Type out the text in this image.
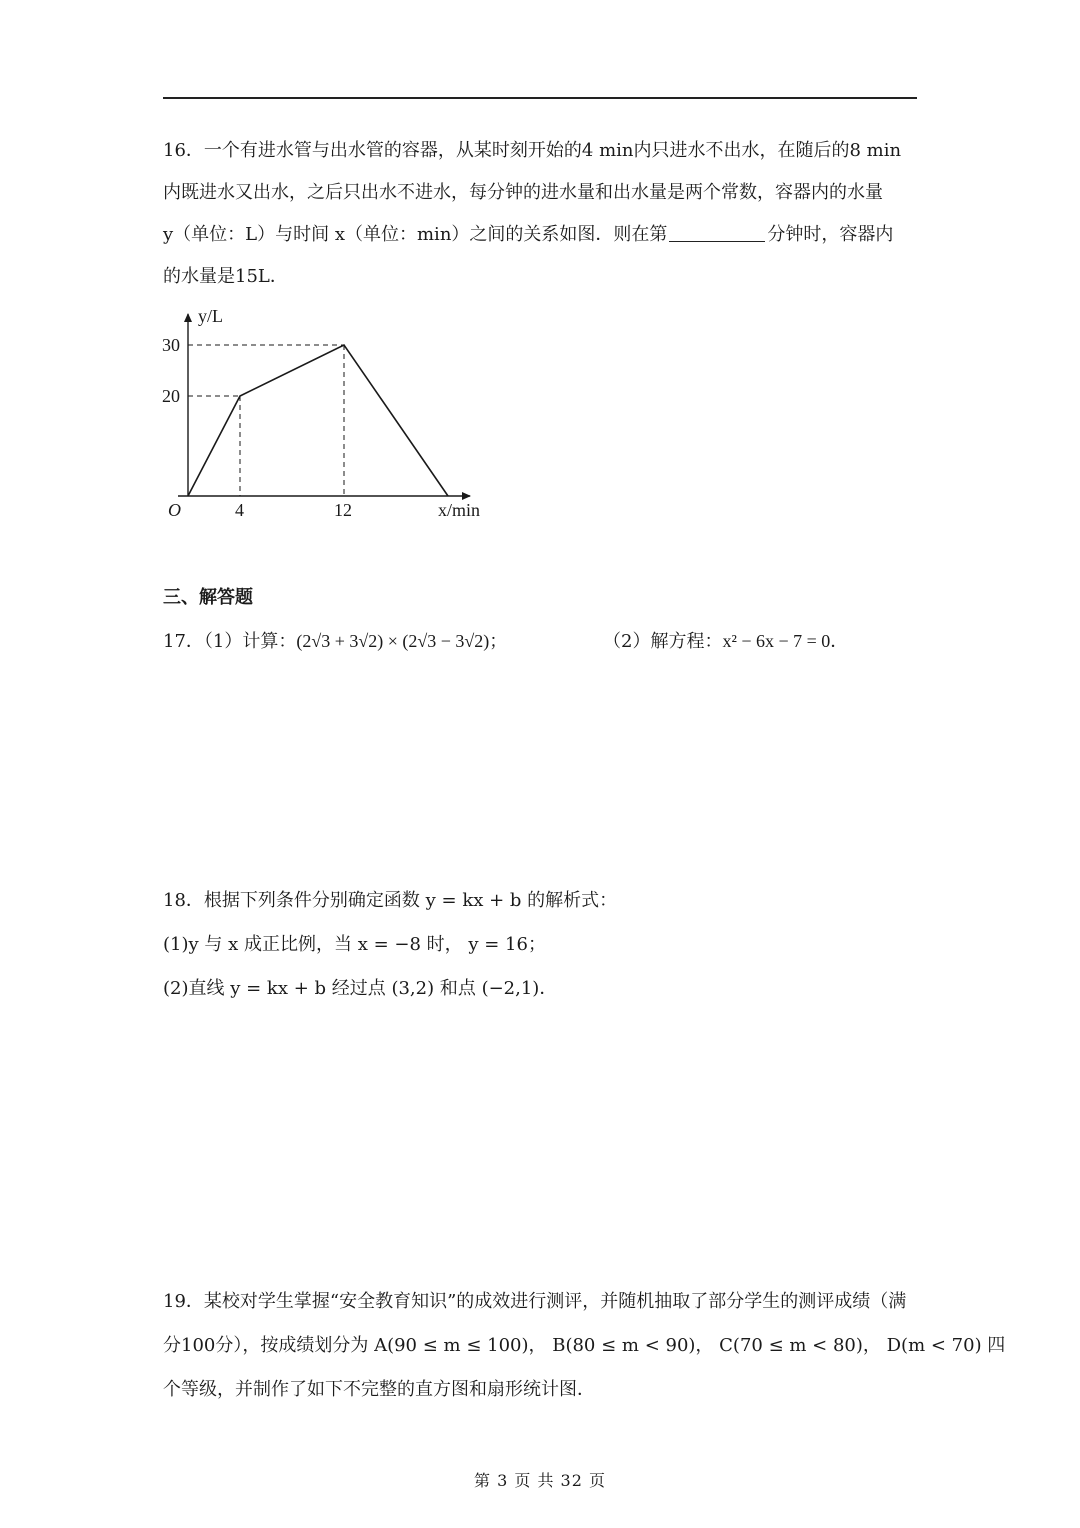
16．一个有进水管与出水管的容器，从某时刻开始的4 min内只进水不出水，在随后的8 min
内既进水又出水，之后只出水不进水，每分钟的进水量和出水量是两个常数，容器内的水量
y（单位：L）与时间 x（单位：min）之间的关系如图．则在第	分钟时，容器内
的水量是15L．
y/L
30
20
O	4	12	x/min
三、解答题
17．（1）计算：(2√3 + 3√2) × (2√3 − 3√2)；	（2）解方程：x² − 6x − 7 = 0．
18．根据下列条件分别确定函数 y = kx + b 的解析式：
(1)y 与 x 成正比例，当 x = −8 时， y = 16；
(2)直线 y = kx + b 经过点 (3,2) 和点 (−2,1)．
19．某校对学生掌握“安全教育知识”的成效进行测评，并随机抽取了部分学生的测评成绩（满
分100分），按成绩划分为 A(90 ≤ m ≤ 100)， B(80 ≤ m < 90)， C(70 ≤ m < 80)， D(m < 70) 四
个等级，并制作了如下不完整的直方图和扇形统计图．
第 3 页 共 32 页
